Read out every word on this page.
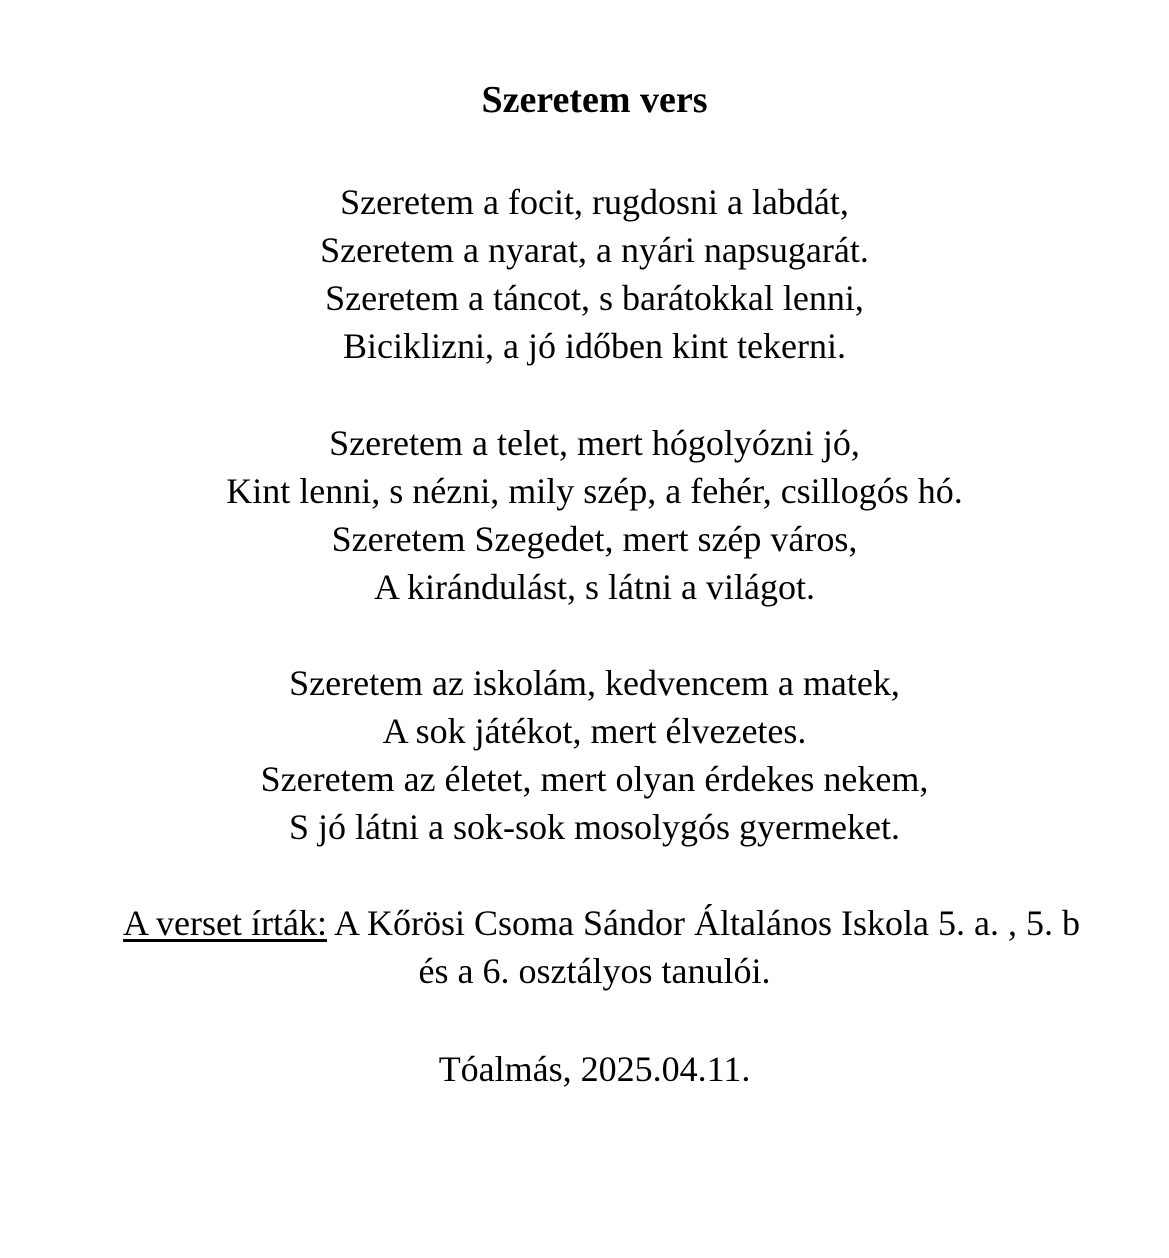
Szeretem vers
Szeretem a focit, rugdosni a labdát,
Szeretem a nyarat, a nyári napsugarát.
Szeretem a táncot, s barátokkal lenni,
Biciklizni, a jó időben kint tekerni.
Szeretem a telet, mert hógolyózni jó,
Kint lenni, s nézni, mily szép, a fehér, csillogós hó.
Szeretem Szegedet, mert szép város,
A kirándulást, s látni a világot.
Szeretem az iskolám, kedvencem a matek,
A sok játékot, mert élvezetes.
Szeretem az életet, mert olyan érdekes nekem,
S jó látni a sok-sok mosolygós gyermeket.
A verset írták: A Kőrösi Csoma Sándor Általános Iskola 5. a. , 5. b
és a 6. osztályos tanulói.
Tóalmás, 2025.04.11.
